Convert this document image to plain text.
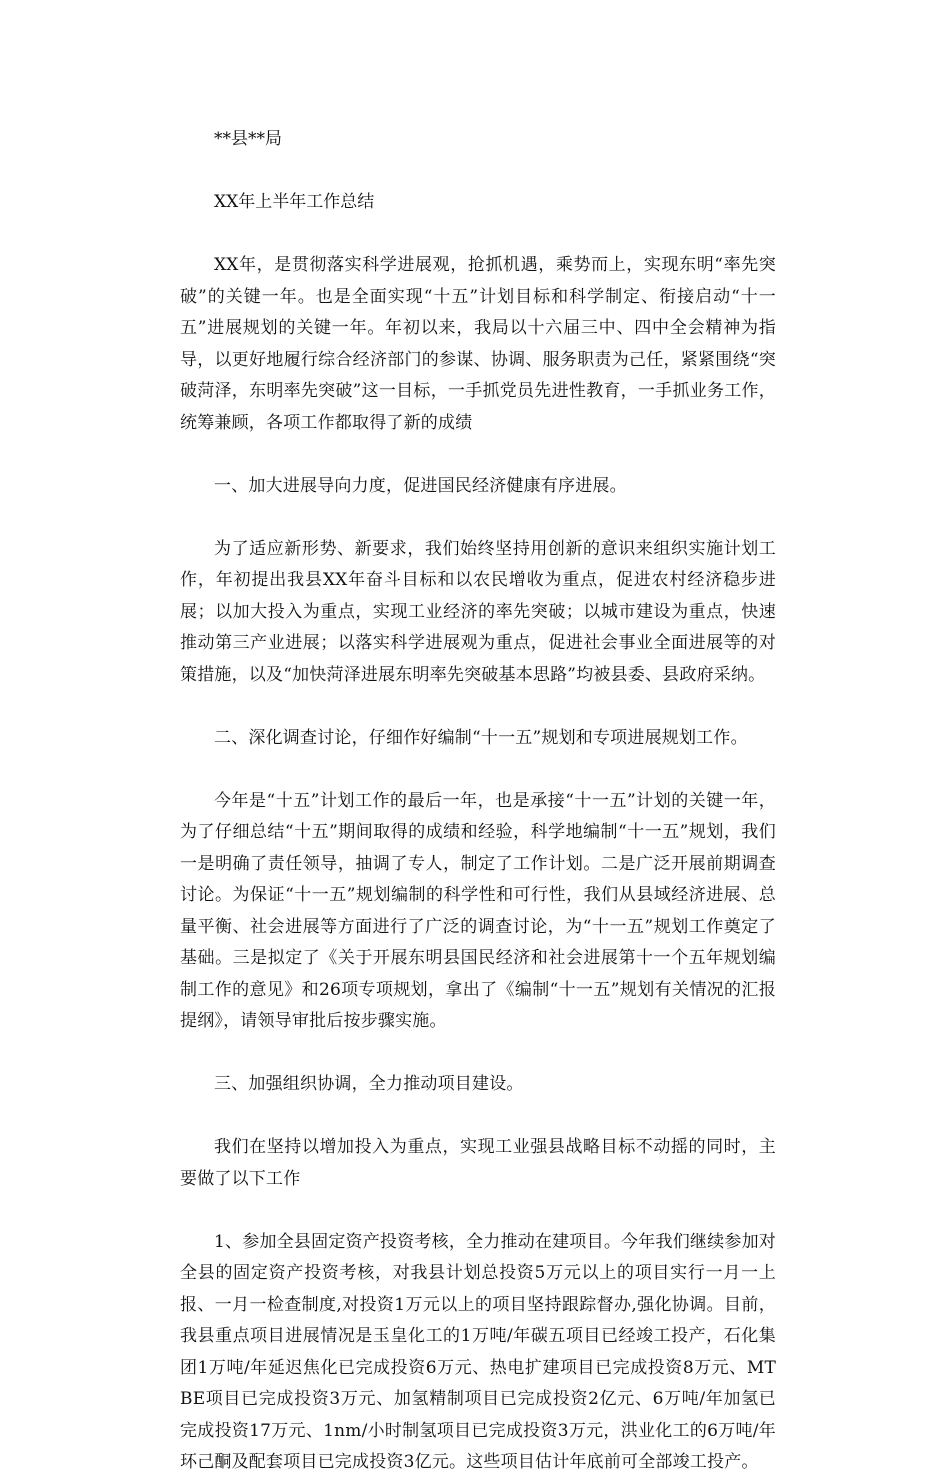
**县**局

XX年上半年工作总结

XX年，是贯彻落实科学进展观，抢抓机遇，乘势而上，实现东明“率先突破”的关键一年。也是全面实现“十五”计划目标和科学制定、衔接启动“十一五”进展规划的关键一年。年初以来，我局以十六届三中、四中全会精神为指导，以更好地履行综合经济部门的参谋、协调、服务职责为己任，紧紧围绕“突破菏泽，东明率先突破”这一目标，一手抓党员先进性教育，一手抓业务工作，统筹兼顾，各项工作都取得了新的成绩

一、加大进展导向力度，促进国民经济健康有序进展。

为了适应新形势、新要求，我们始终坚持用创新的意识来组织实施计划工作，年初提出我县XX年奋斗目标和以农民增收为重点，促进农村经济稳步进展；以加大投入为重点，实现工业经济的率先突破；以城市建设为重点，快速推动第三产业进展；以落实科学进展观为重点，促进社会事业全面进展等的对策措施，以及“加快菏泽进展东明率先突破基本思路”均被县委、县政府采纳。

二、深化调查讨论，仔细作好编制“十一五”规划和专项进展规划工作。

今年是“十五”计划工作的最后一年，也是承接“十一五”计划的关键一年，为了仔细总结“十五”期间取得的成绩和经验，科学地编制“十一五”规划，我们一是明确了责任领导，抽调了专人，制定了工作计划。二是广泛开展前期调查讨论。为保证“十一五”规划编制的科学性和可行性，我们从县域经济进展、总量平衡、社会进展等方面进行了广泛的调查讨论，为“十一五”规划工作奠定了基础。三是拟定了《关于开展东明县国民经济和社会进展第十一个五年规划编制工作的意见》和26项专项规划，拿出了《编制“十一五”规划有关情况的汇报提纲》，请领导审批后按步骤实施。

三、加强组织协调，全力推动项目建设。

我们在坚持以增加投入为重点，实现工业强县战略目标不动摇的同时，主要做了以下工作

1、参加全县固定资产投资考核，全力推动在建项目。今年我们继续参加对全县的固定资产投资考核，对我县计划总投资5万元以上的项目实行一月一上报、一月一检查制度,对投资1万元以上的项目坚持跟踪督办,强化协调。目前，我县重点项目进展情况是玉皇化工的1万吨/年碳五项目已经竣工投产，石化集团1万吨/年延迟焦化已完成投资6万元、热电扩建项目已完成投资8万元、MTBE项目已完成投资3万元、加氢精制项目已完成投资2亿元、6万吨/年加氢已完成投资17万元、1nm/小时制氢项目已完成投资3万元，洪业化工的6万吨/年环己酮及配套项目已完成投资3亿元。这些项目估计年底前可全部竣工投产。
